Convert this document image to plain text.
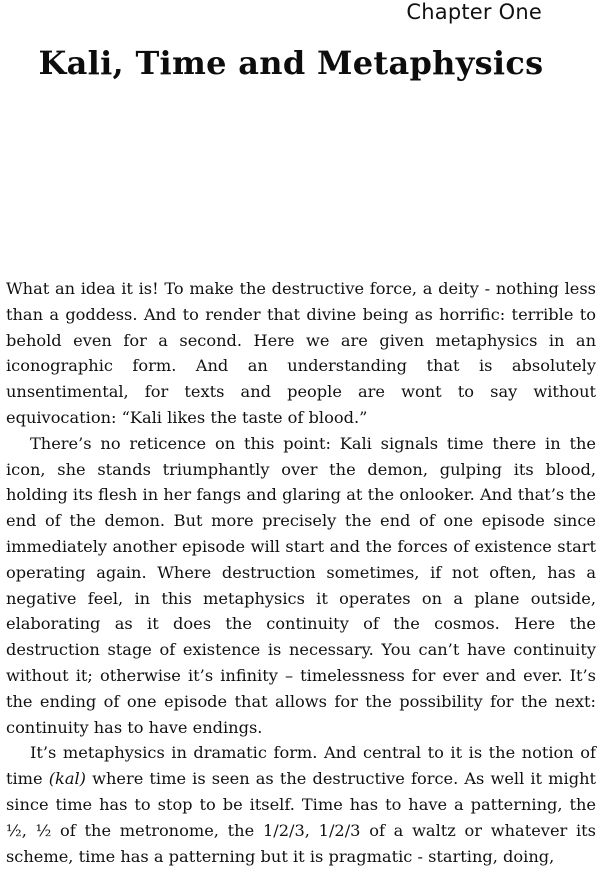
Chapter One
Kali, Time and Metaphysics

What an idea it is! To make the destructive force, a deity - nothing less than a goddess. And to render that divine being as horrific: terrible to behold even for a second. Here we are given metaphysics in an iconographic form. And an understanding that is absolutely unsentimental, for texts and people are wont to say without equivocation: “Kali likes the taste of blood.”

There’s no reticence on this point: Kali signals time there in the icon, she stands triumphantly over the demon, gulping its blood, holding its flesh in her fangs and glaring at the onlooker. And that’s the end of the demon. But more precisely the end of one episode since immediately another episode will start and the forces of existence start operating again. Where destruction sometimes, if not often, has a negative feel, in this metaphysics it operates on a plane outside, elaborating as it does the continuity of the cosmos. Here the destruction stage of existence is necessary. You can’t have continuity without it; otherwise it’s infinity – timelessness for ever and ever. It’s the ending of one episode that allows for the possibility for the next: continuity has to have endings.

It’s metaphysics in dramatic form. And central to it is the notion of time (kal) where time is seen as the destructive force. As well it might since time has to stop to be itself. Time has to have a patterning, the ½, ½ of the metronome, the 1/2/3, 1/2/3 of a waltz or whatever its scheme, time has a patterning but it is pragmatic - starting, doing,
